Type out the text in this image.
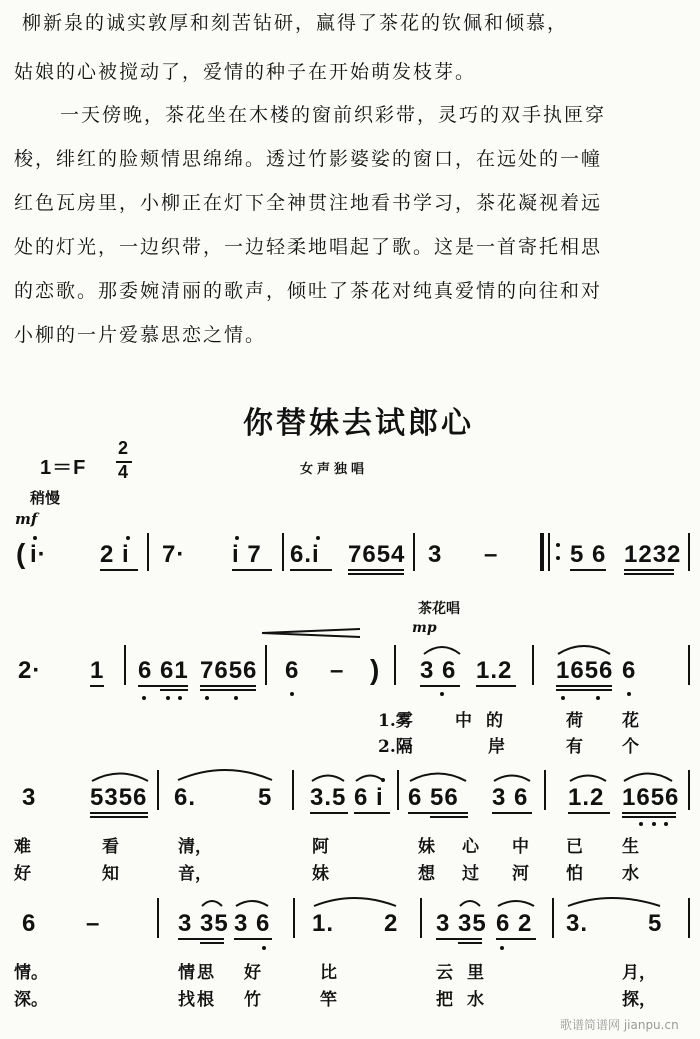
柳新泉的诚实敦厚和刻苦钻研，赢得了茶花的钦佩和倾慕，
姑娘的心被搅动了，爱情的种子在开始萌发枝芽。
一天傍晚，茶花坐在木楼的窗前织彩带，灵巧的双手执匣穿
梭，绯红的脸颊情思绵绵。透过竹影婆娑的窗口，在远处的一幢
红色瓦房里，小柳正在灯下全神贯注地看书学习，茶花凝视着远
处的灯光，一边织带，一边轻柔地唱起了歌。这是一首寄托相思
的恋歌。那委婉清丽的歌声，倾吐了茶花对纯真爱情的向往和对
小柳的一片爱慕思恋之情。
你替妹去试郎心
1＝F
2
4	女声独唱
稍慢
mf
( i· 2 i 7· i 7 6.i 7654 3 –	5 6 1232
茶花唱
mp
2· 1 6 61 7656 6 – ) 3 6 1.2 1656 6
1.雾 中的	荷 花
2.隔	岸	有 个
3 5356 6.	5 3.5 6 i 6 56 3 6 1.2 1656
难	看	清，	阿	妹 心 中 已 生
好	知	音，	妹	想 过 河 怕 水
6 –	3 35 3 6 1. 2 3 35 6 2 3. 5
情。	情思 好	比	云里	月，
深。	找根 竹	竿	把水	探，
歌谱简谱网 jianpu.cn
